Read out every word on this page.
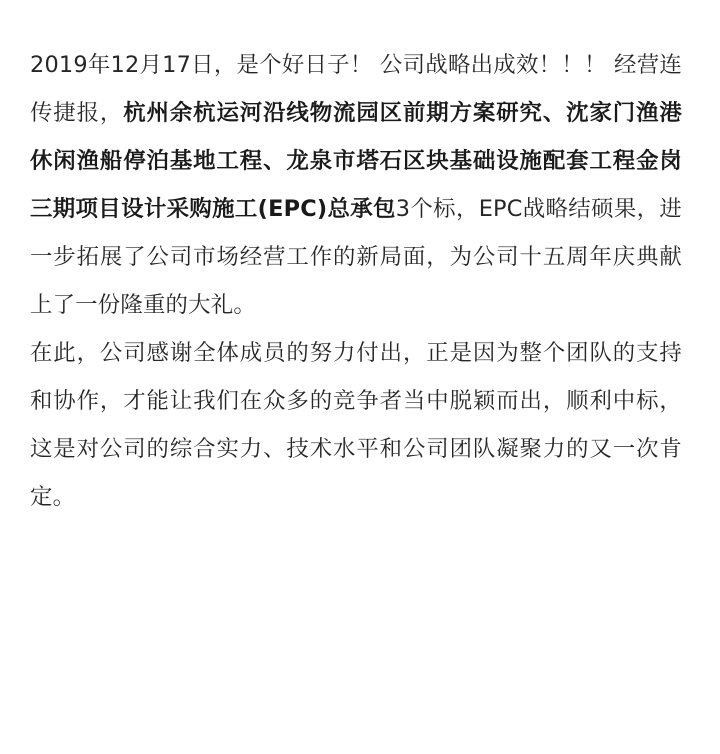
2019年12月17日，是个好日子！ 公司战略出成效！！！ 经营连传捷报，杭州余杭运河沿线物流园区前期方案研究、沈家门渔港休闲渔船停泊基地工程、龙泉市塔石区块基础设施配套工程金岗三期项目设计采购施工(EPC)总承包3个标，EPC战略结硕果，进一步拓展了公司市场经营工作的新局面，为公司十五周年庆典献上了一份隆重的大礼。

在此，公司感谢全体成员的努力付出，正是因为整个团队的支持和协作，才能让我们在众多的竞争者当中脱颖而出，顺利中标，这是对公司的综合实力、技术水平和公司团队凝聚力的又一次肯定。
